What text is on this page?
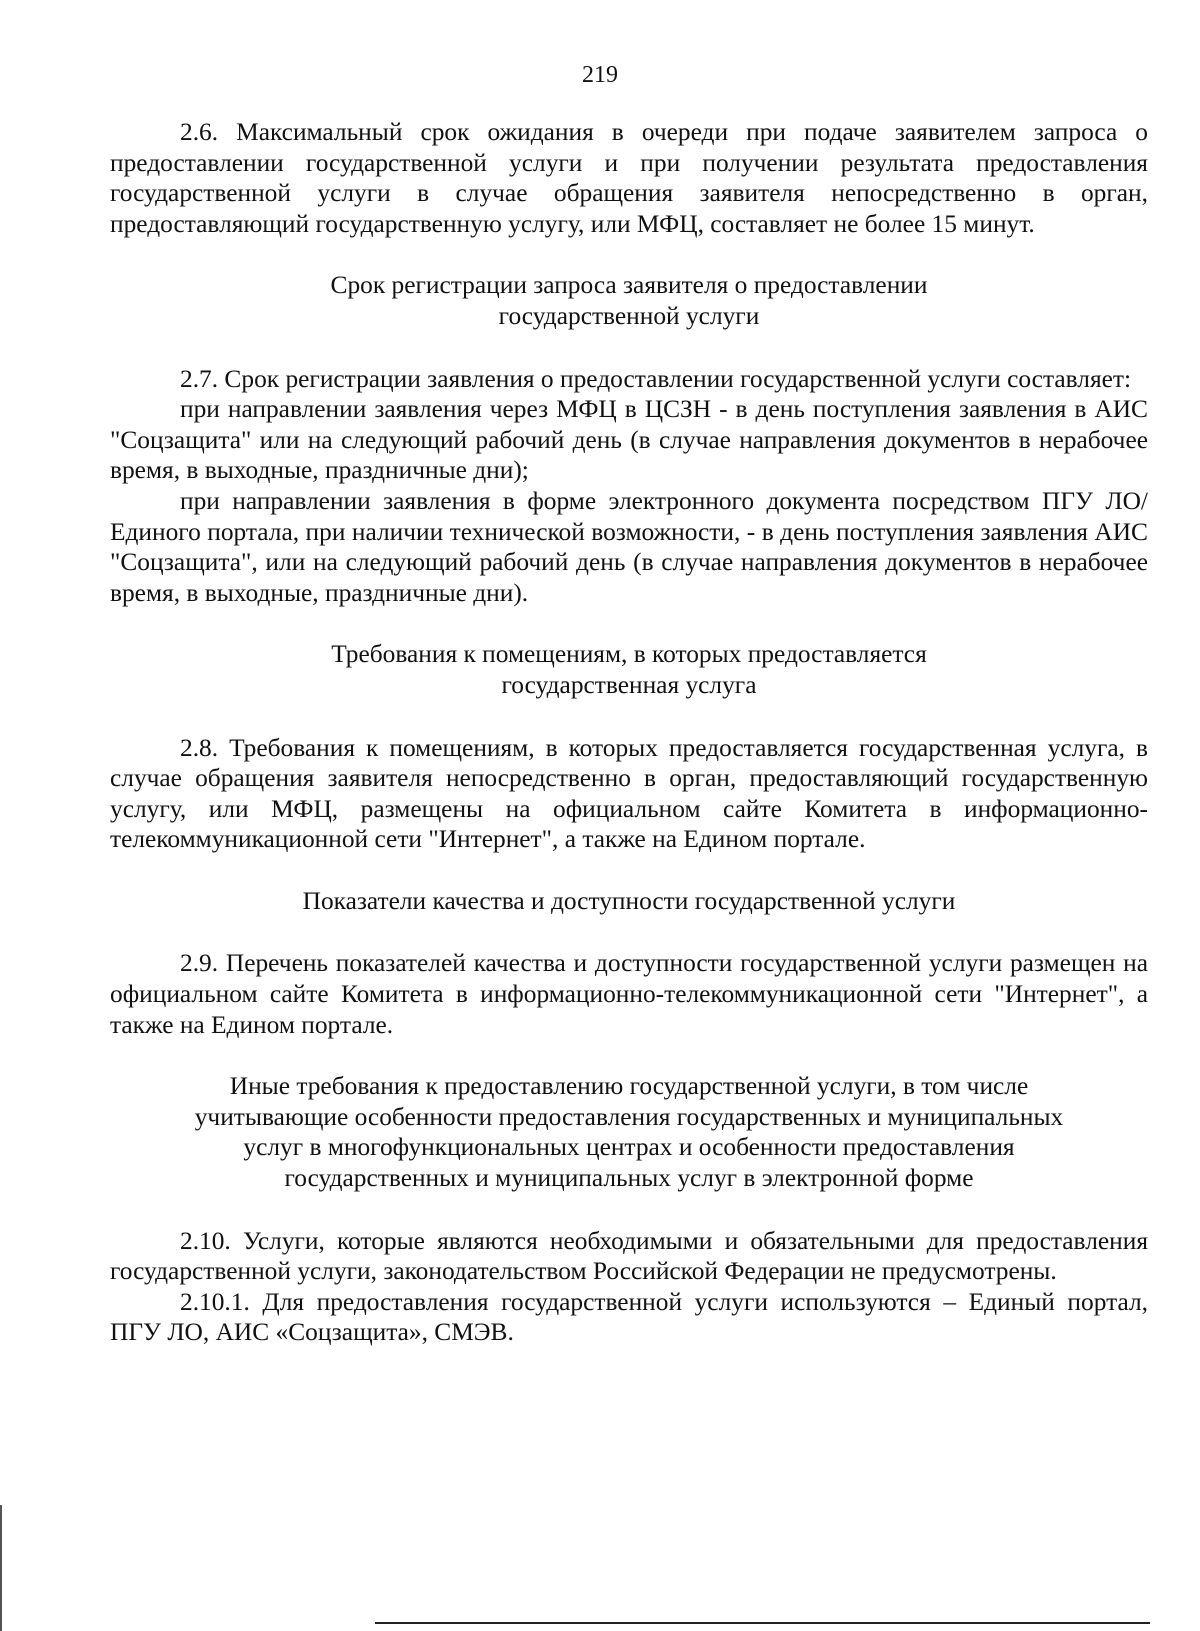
219

2.6. Максимальный срок ожидания в очереди при подаче заявителем запроса о предоставлении государственной услуги и при получении результата предоставления государственной услуги в случае обращения заявителя непосредственно в орган, предоставляющий государственную услугу, или МФЦ, составляет не более 15 минут.

Срок регистрации запроса заявителя о предоставлении
государственной услуги

2.7. Срок регистрации заявления о предоставлении государственной услуги составляет:

при направлении заявления через МФЦ в ЦСЗН - в день поступления заявления в АИС "Соцзащита" или на следующий рабочий день (в случае направления документов в нерабочее время, в выходные, праздничные дни);

при направлении заявления в форме электронного документа посредством ПГУ ЛО/Единого портала, при наличии технической возможности, - в день поступления заявления АИС "Соцзащита", или на следующий рабочий день (в случае направления документов в нерабочее время, в выходные, праздничные дни).

Требования к помещениям, в которых предоставляется
государственная услуга

2.8. Требования к помещениям, в которых предоставляется государственная услуга, в случае обращения заявителя непосредственно в орган, предоставляющий государственную услугу, или МФЦ, размещены на официальном сайте Комитета в информационно-телекоммуникационной сети "Интернет", а также на Едином портале.

Показатели качества и доступности государственной услуги

2.9. Перечень показателей качества и доступности государственной услуги размещен на официальном сайте Комитета в информационно-телекоммуникационной сети "Интернет", а также на Едином портале.

Иные требования к предоставлению государственной услуги, в том числе
учитывающие особенности предоставления государственных и муниципальных
услуг в многофункциональных центрах и особенности предоставления
государственных и муниципальных услуг в электронной форме

2.10. Услуги, которые являются необходимыми и обязательными для предоставления государственной услуги, законодательством Российской Федерации не предусмотрены.

2.10.1. Для предоставления государственной услуги используются – Единый портал, ПГУ ЛО, АИС «Соцзащита», СМЭВ.
